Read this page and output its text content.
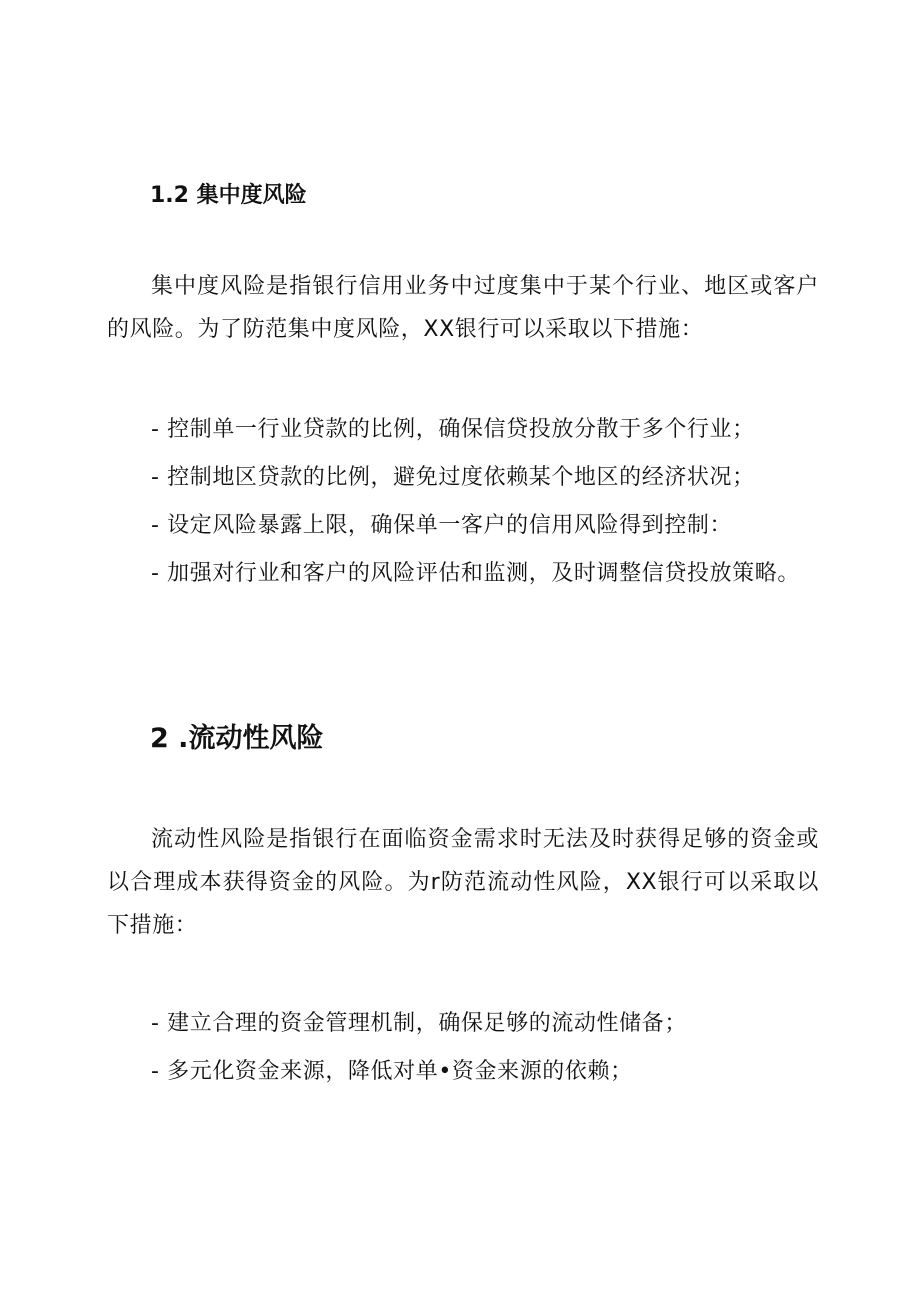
1.2 集中度风险
集中度风险是指银行信用业务中过度集中于某个行业、地区或客户的风险。为了防范集中度风险，XX银行可以采取以下措施：
- 控制单一行业贷款的比例，确保信贷投放分散于多个行业；
- 控制地区贷款的比例，避免过度依赖某个地区的经济状况；
- 设定风险暴露上限，确保单一客户的信用风险得到控制：
- 加强对行业和客户的风险评估和监测，及时调整信贷投放策略。
2 .流动性风险
流动性风险是指银行在面临资金需求时无法及时获得足够的资金或以合理成本获得资金的风险。为r防范流动性风险，XX银行可以采取以下措施：
- 建立合理的资金管理机制，确保足够的流动性储备；
- 多元化资金来源，降低对单•资金来源的依赖；
